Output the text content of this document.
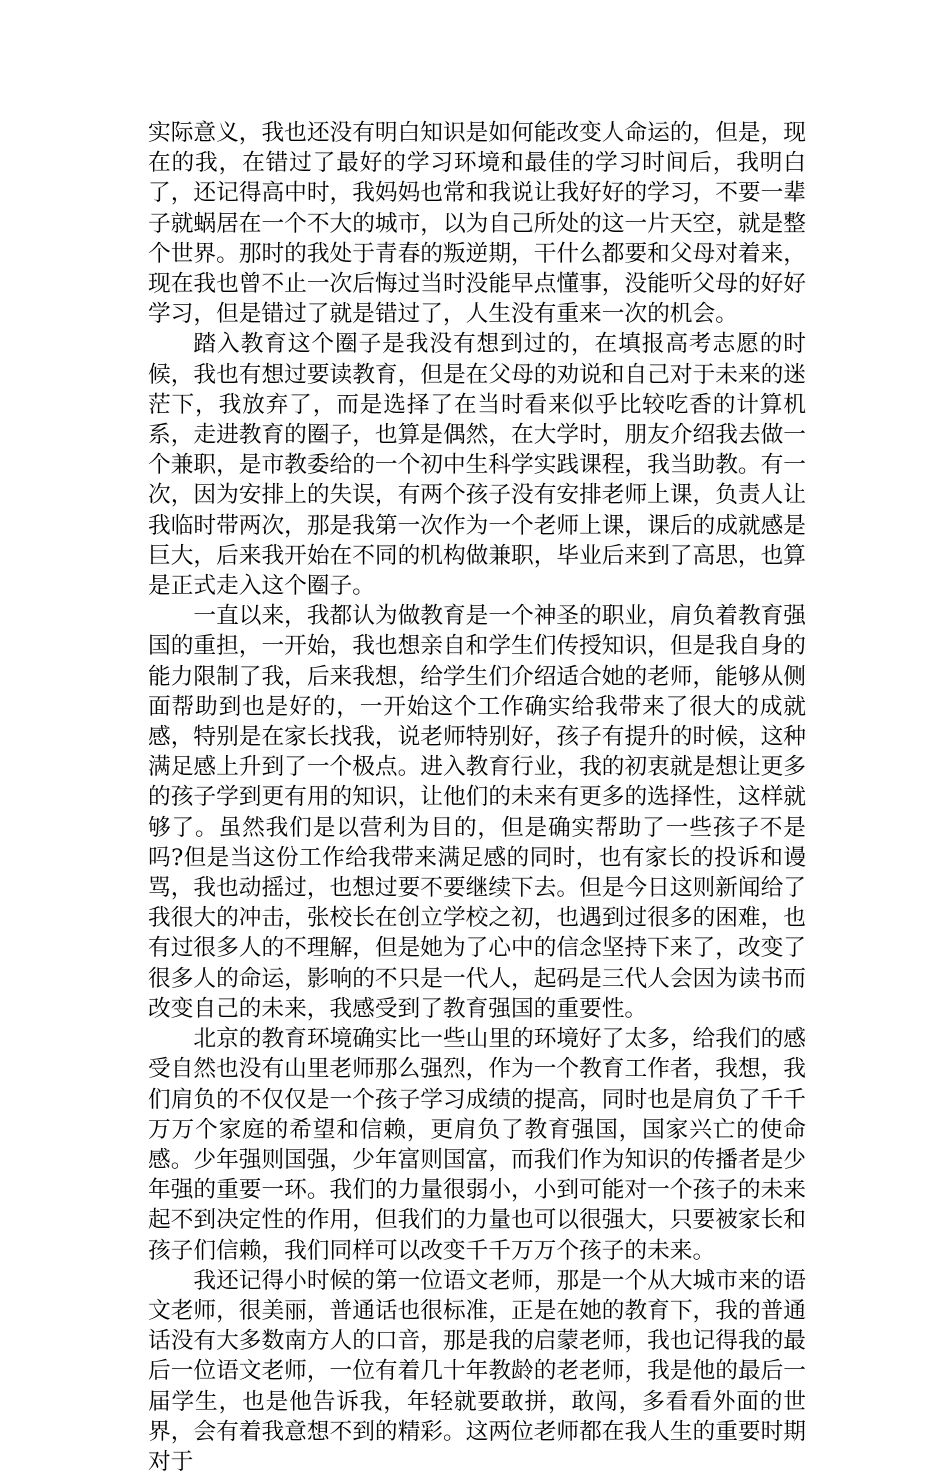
实际意义，我也还没有明白知识是如何能改变人命运的，但是，现在的我，在错过了最好的学习环境和最佳的学习时间后，我明白了，还记得高中时，我妈妈也常和我说让我好好的学习，不要一辈子就蜗居在一个不大的城市，以为自己所处的这一片天空，就是整个世界。那时的我处于青春的叛逆期，干什么都要和父母对着来，现在我也曾不止一次后悔过当时没能早点懂事，没能听父母的好好学习，但是错过了就是错过了，人生没有重来一次的机会。

踏入教育这个圈子是我没有想到过的，在填报高考志愿的时候，我也有想过要读教育，但是在父母的劝说和自己对于未来的迷茫下，我放弃了，而是选择了在当时看来似乎比较吃香的计算机系，走进教育的圈子，也算是偶然，在大学时，朋友介绍我去做一个兼职，是市教委给的一个初中生科学实践课程，我当助教。有一次，因为安排上的失误，有两个孩子没有安排老师上课，负责人让我临时带两次，那是我第一次作为一个老师上课，课后的成就感是巨大，后来我开始在不同的机构做兼职，毕业后来到了高思，也算是正式走入这个圈子。

一直以来，我都认为做教育是一个神圣的职业，肩负着教育强国的重担，一开始，我也想亲自和学生们传授知识，但是我自身的能力限制了我，后来我想，给学生们介绍适合她的老师，能够从侧面帮助到也是好的，一开始这个工作确实给我带来了很大的成就感，特别是在家长找我，说老师特别好，孩子有提升的时候，这种满足感上升到了一个极点。进入教育行业，我的初衷就是想让更多的孩子学到更有用的知识，让他们的未来有更多的选择性，这样就够了。虽然我们是以营利为目的，但是确实帮助了一些孩子不是吗?但是当这份工作给我带来满足感的同时，也有家长的投诉和谩骂，我也动摇过，也想过要不要继续下去。但是今日这则新闻给了我很大的冲击，张校长在创立学校之初，也遇到过很多的困难，也有过很多人的不理解，但是她为了心中的信念坚持下来了，改变了很多人的命运，影响的不只是一代人，起码是三代人会因为读书而改变自己的未来，我感受到了教育强国的重要性。

北京的教育环境确实比一些山里的环境好了太多，给我们的感受自然也没有山里老师那么强烈，作为一个教育工作者，我想，我们肩负的不仅仅是一个孩子学习成绩的提高，同时也是肩负了千千万万个家庭的希望和信赖，更肩负了教育强国，国家兴亡的使命感。少年强则国强，少年富则国富，而我们作为知识的传播者是少年强的重要一环。我们的力量很弱小，小到可能对一个孩子的未来起不到决定性的作用，但我们的力量也可以很强大，只要被家长和孩子们信赖，我们同样可以改变千千万万个孩子的未来。

我还记得小时候的第一位语文老师，那是一个从大城市来的语文老师，很美丽，普通话也很标准，正是在她的教育下，我的普通话没有大多数南方人的口音，那是我的启蒙老师，我也记得我的最后一位语文老师，一位有着几十年教龄的老老师，我是他的最后一届学生，也是他告诉我，年轻就要敢拼，敢闯，多看看外面的世界，会有着我意想不到的精彩。这两位老师都在我人生的重要时期对于
